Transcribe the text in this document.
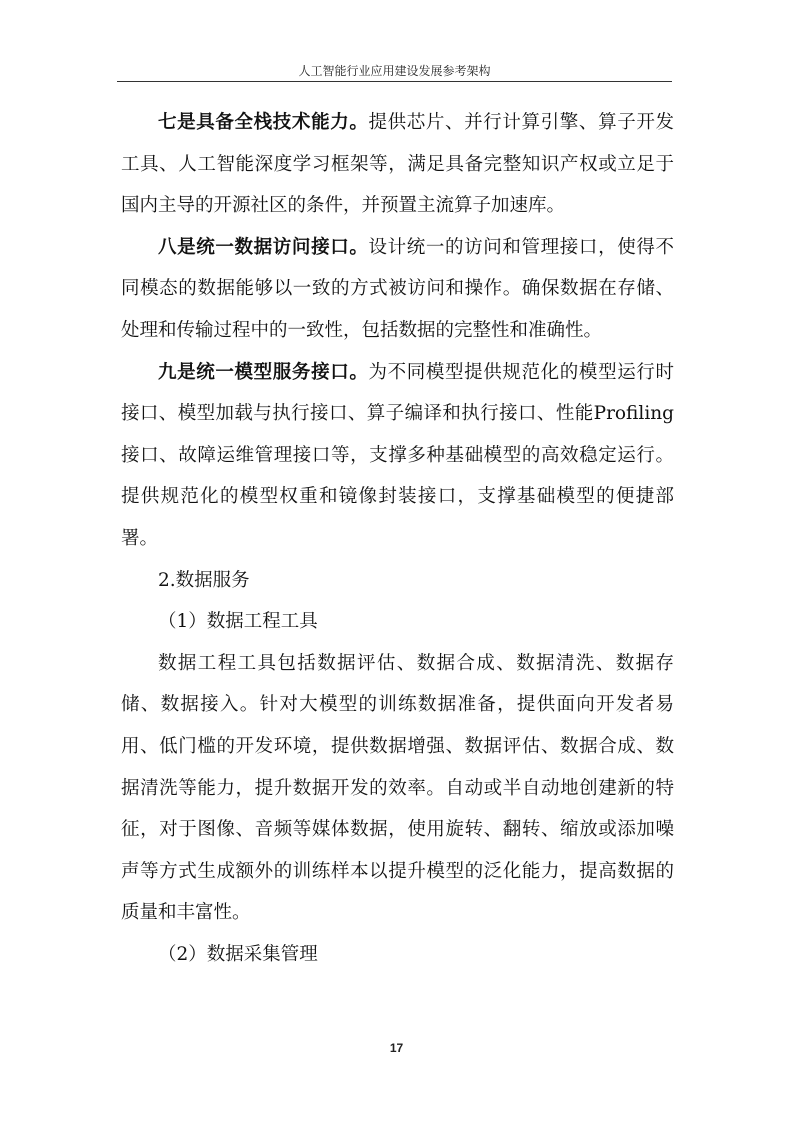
人工智能行业应用建设发展参考架构

七是具备全栈技术能力。提供芯片、并行计算引擎、算子开发工具、人工智能深度学习框架等，满足具备完整知识产权或立足于国内主导的开源社区的条件，并预置主流算子加速库。

八是统一数据访问接口。设计统一的访问和管理接口，使得不同模态的数据能够以一致的方式被访问和操作。确保数据在存储、处理和传输过程中的一致性，包括数据的完整性和准确性。

九是统一模型服务接口。为不同模型提供规范化的模型运行时接口、模型加载与执行接口、算子编译和执行接口、性能Profiling 接口、故障运维管理接口等，支撑多种基础模型的高效稳定运行。提供规范化的模型权重和镜像封装接口，支撑基础模型的便捷部署。

2.数据服务

（1）数据工程工具

数据工程工具包括数据评估、数据合成、数据清洗、数据存储、数据接入。针对大模型的训练数据准备，提供面向开发者易用、低门槛的开发环境，提供数据增强、数据评估、数据合成、数据清洗等能力，提升数据开发的效率。自动或半自动地创建新的特征，对于图像、音频等媒体数据，使用旋转、翻转、缩放或添加噪声等方式生成额外的训练样本以提升模型的泛化能力，提高数据的质量和丰富性。

（2）数据采集管理

17
